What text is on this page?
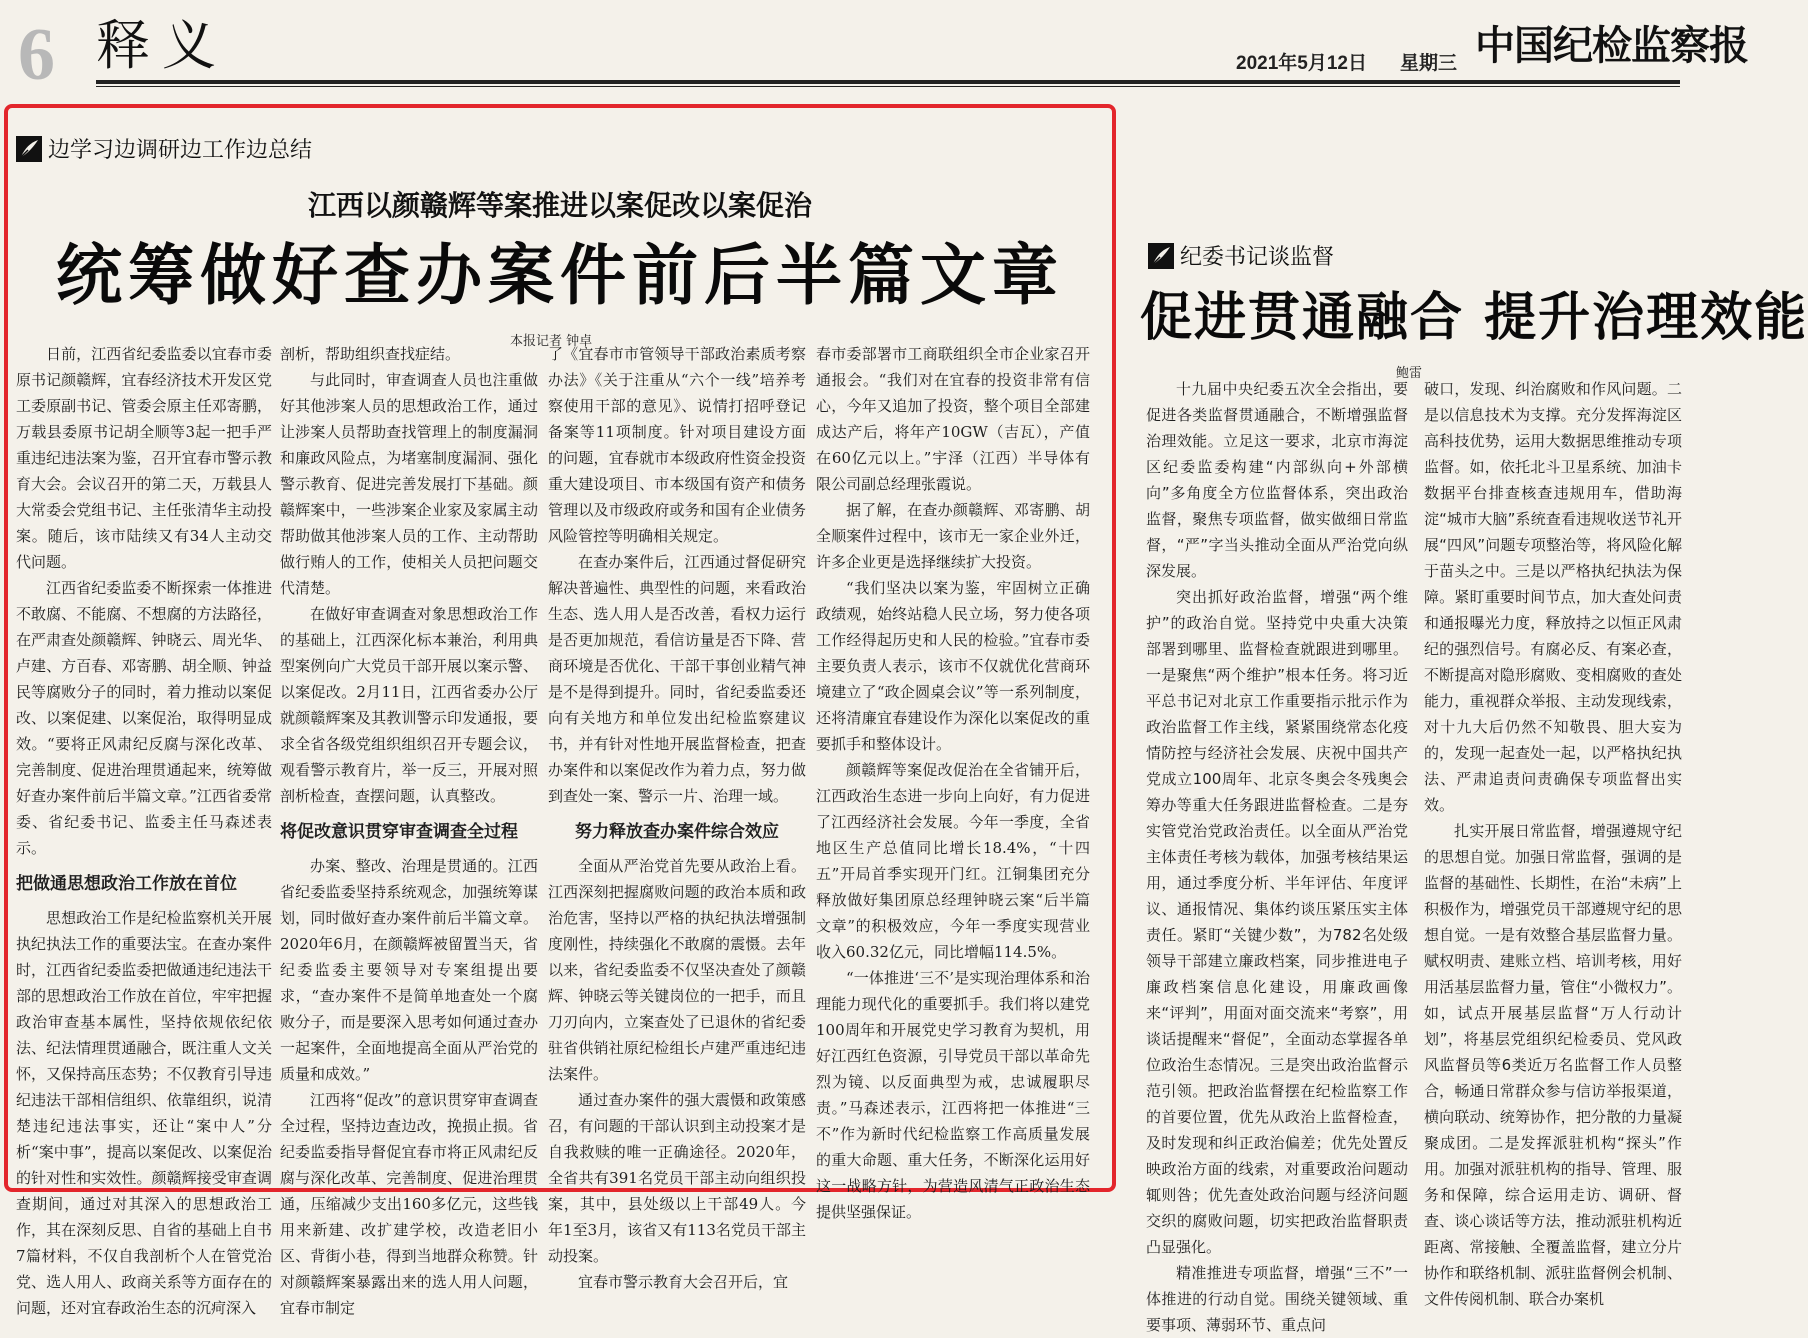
6 释义	2021年5月12日 星期三 中国纪检监察报
边学习边调研边工作边总结
江西以颜赣辉等案推进以案促改以案促治
统筹做好查办案件前后半篇文章
本报记者 钟卓

日前，江西省纪委监委以宜春市委原书记颜赣辉，宜春经济技术开发区党工委原副书记、管委会原主任邓寄鹏，万载县委原书记胡全顺等3起一把手严重违纪违法案为鉴，召开宜春市警示教育大会。会议召开的第二天，万载县人大常委会党组书记、主任张清华主动投案。随后，该市陆续又有34人主动交代问题。

江西省纪委监委不断探索一体推进不敢腐、不能腐、不想腐的方法路径，在严肃查处颜赣辉、钟晓云、周光华、卢建、方百春、邓寄鹏、胡全顺、钟益民等腐败分子的同时，着力推动以案促改、以案促建、以案促治，取得明显成效。“要将正风肃纪反腐与深化改革、完善制度、促进治理贯通起来，统筹做好查办案件前后半篇文章。”江西省委常委、省纪委书记、监委主任马森述表示。

把做通思想政治工作放在首位

思想政治工作是纪检监察机关开展执纪执法工作的重要法宝。在查办案件时，江西省纪委监委把做通违纪违法干部的思想政治工作放在首位，牢牢把握政治审查基本属性，坚持依规依纪依法、纪法情理贯通融合，既注重人文关怀，又保持高压态势；不仅教育引导违纪违法干部相信组织、依靠组织，说清楚违纪违法事实，还让“案中人”分析“案中事”，提高以案促改、以案促治的针对性和实效性。颜赣辉接受审查调查期间，通过对其深入的思想政治工作，其在深刻反思、自省的基础上自书7篇材料，不仅自我剖析个人在管党治党、选人用人、政商关系等方面存在的问题，还对宜春政治生态的沉疴深入

剖析，帮助组织查找症结。

与此同时，审查调查人员也注重做好其他涉案人员的思想政治工作，通过让涉案人员帮助查找管理上的制度漏洞和廉政风险点，为堵塞制度漏洞、强化警示教育、促进完善发展打下基础。颜赣辉案中，一些涉案企业家及家属主动帮助做其他涉案人员的工作、主动帮助做行贿人的工作，使相关人员把问题交代清楚。

在做好审查调查对象思想政治工作的基础上，江西深化标本兼治，利用典型案例向广大党员干部开展以案示警、以案促改。2月11日，江西省委办公厅就颜赣辉案及其教训警示印发通报，要求全省各级党组织组织召开专题会议，观看警示教育片，举一反三，开展对照剖析检查，查摆问题，认真整改。

将促改意识贯穿审查调查全过程

办案、整改、治理是贯通的。江西省纪委监委坚持系统观念，加强统筹谋划，同时做好查办案件前后半篇文章。2020年6月，在颜赣辉被留置当天，省纪委监委主要领导对专案组提出要求，“查办案件不是简单地查处一个腐败分子，而是要深入思考如何通过查办一起案件，全面地提高全面从严治党的质量和成效。”

江西将“促改”的意识贯穿审查调查全过程，坚持边查边改，挽损止损。省纪委监委指导督促宜春市将正风肃纪反腐与深化改革、完善制度、促进治理贯通，压缩减少支出160多亿元，这些钱用来新建、改扩建学校，改造老旧小区、背街小巷，得到当地群众称赞。针对颜赣辉案暴露出来的选人用人问题，宜春市制定

了《宜春市市管领导干部政治素质考察办法》《关于注重从“六个一线”培养考察使用干部的意见》、说情打招呼登记备案等11项制度。针对项目建设方面的问题，宜春就市本级政府性资金投资重大建设项目、市本级国有资产和债务管理以及市级政府或务和国有企业债务风险管控等明确相关规定。

在查办案件后，江西通过督促研究解决普遍性、典型性的问题，来看政治生态、选人用人是否改善，看权力运行是否更加规范，看信访量是否下降、营商环境是否优化、干部干事创业精气神是不是得到提升。同时，省纪委监委还向有关地方和单位发出纪检监察建议书，并有针对性地开展监督检查，把查办案件和以案促改作为着力点，努力做到查处一案、警示一片、治理一域。

努力释放查办案件综合效应

全面从严治党首先要从政治上看。江西深刻把握腐败问题的政治本质和政治危害，坚持以严格的执纪执法增强制度刚性，持续强化不敢腐的震慑。去年以来，省纪委监委不仅坚决查处了颜赣辉、钟晓云等关键岗位的一把手，而且刀刃向内，立案查处了已退休的省纪委驻省供销社原纪检组长卢建严重违纪违法案件。

通过查办案件的强大震慑和政策感召，有问题的干部认识到主动投案才是自我救赎的唯一正确途径。2020年，全省共有391名党员干部主动向组织投案，其中，县处级以上干部49人。今年1至3月，该省又有113名党员干部主动投案。

宜春市警示教育大会召开后，宜

春市委部署市工商联组织全市企业家召开通报会。“我们对在宜春的投资非常有信心，今年又追加了投资，整个项目全部建成达产后，将年产10GW（吉瓦），产值在60亿元以上。”宇泽（江西）半导体有限公司副总经理张霞说。

据了解，在查办颜赣辉、邓寄鹏、胡全顺案件过程中，该市无一家企业外迁，许多企业更是选择继续扩大投资。

“我们坚决以案为鉴，牢固树立正确政绩观，始终站稳人民立场，努力使各项工作经得起历史和人民的检验。”宜春市委主要负责人表示，该市不仅就优化营商环境建立了“政企圆桌会议”等一系列制度，还将清廉宜春建设作为深化以案促改的重要抓手和整体设计。

颜赣辉等案促改促治在全省铺开后，江西政治生态进一步向上向好，有力促进了江西经济社会发展。今年一季度，全省地区生产总值同比增长18.4%，“十四五”开局首季实现开门红。江铜集团充分释放做好集团原总经理钟晓云案“后半篇文章”的积极效应，今年一季度实现营业收入60.32亿元，同比增幅114.5%。

“一体推进‘三不’是实现治理体系和治理能力现代化的重要抓手。我们将以建党100周年和开展党史学习教育为契机，用好江西红色资源，引导党员干部以革命先烈为镜、以反面典型为戒，忠诚履职尽责。”马森述表示，江西将把一体推进“三不”作为新时代纪检监察工作高质量发展的重大命题、重大任务，不断深化运用好这一战略方针，为营造风清气正政治生态提供坚强保证。

纪委书记谈监督
促进贯通融合 提升治理效能
鲍雷

十九届中央纪委五次全会指出，要促进各类监督贯通融合，不断增强监督治理效能。立足这一要求，北京市海淀区纪委监委构建“内部纵向+外部横向”多角度全方位监督体系，突出政治监督，聚焦专项监督，做实做细日常监督，“严”字当头推动全面从严治党向纵深发展。

突出抓好政治监督，增强“两个维护”的政治自觉。坚持党中央重大决策部署到哪里、监督检查就跟进到哪里。一是聚焦“两个维护”根本任务。将习近平总书记对北京工作重要指示批示作为政治监督工作主线，紧紧围绕常态化疫情防控与经济社会发展、庆祝中国共产党成立100周年、北京冬奥会冬残奥会筹办等重大任务跟进监督检查。二是夯实管党治党政治责任。以全面从严治党主体责任考核为载体，加强考核结果运用，通过季度分析、半年评估、年度评议、通报情况、集体约谈压紧压实主体责任。紧盯“关键少数”，为782名处级领导干部建立廉政档案，同步推进电子廉政档案信息化建设，用廉政画像来“评判”，用面对面交流来“考察”，用谈话提醒来“督促”，全面动态掌握各单位政治生态情况。三是突出政治监督示范引领。把政治监督摆在纪检监察工作的首要位置，优先从政治上监督检查，及时发现和纠正政治偏差；优先处置反映政治方面的线索，对重要政治问题动辄则咎；优先查处政治问题与经济问题交织的腐败问题，切实把政治监督职责凸显强化。

精准推进专项监督，增强“三不”一体推进的行动自觉。围绕关键领域、重要事项、薄弱环节、重点问

破口，发现、纠治腐败和作风问题。二是以信息技术为支撑。充分发挥海淀区高科技优势，运用大数据思维推动专项监督。如，依托北斗卫星系统、加油卡数据平台排查核查违规用车，借助海淀“城市大脑”系统查看违规收送节礼开展“四风”问题专项整治等，将风险化解于苗头之中。三是以严格执纪执法为保障。紧盯重要时间节点，加大查处问责和通报曝光力度，释放持之以恒正风肃纪的强烈信号。有腐必反、有案必查，不断提高对隐形腐败、变相腐败的查处能力，重视群众举报、主动发现线索，对十九大后仍然不知敬畏、胆大妄为的，发现一起查处一起，以严格执纪执法、严肃追责问责确保专项监督出实效。

扎实开展日常监督，增强遵规守纪的思想自觉。加强日常监督，强调的是监督的基础性、长期性，在治“未病”上积极作为，增强党员干部遵规守纪的思想自觉。一是有效整合基层监督力量。赋权明责、建账立档、培训考核，用好用活基层监督力量，管住“小微权力”。如，试点开展基层监督“万人行动计划”，将基层党组织纪检委员、党风政风监督员等6类近万名监督工作人员整合，畅通日常群众参与信访举报渠道，横向联动、统筹协作，把分散的力量凝聚成团。二是发挥派驻机构“探头”作用。加强对派驻机构的指导、管理、服务和保障，综合运用走访、调研、督查、谈心谈话等方法，推动派驻机构近距离、常接触、全覆盖监督，建立分片协作和联络机制、派驻监督例会机制、文件传阅机制、联合办案机
